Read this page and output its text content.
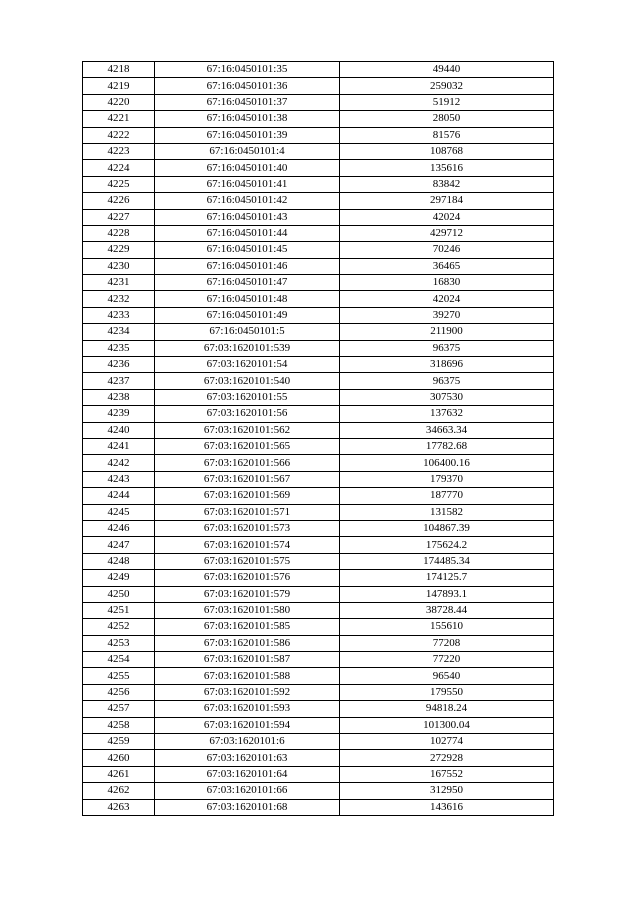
4218	67:16:0450101:35	49440
4219	67:16:0450101:36	259032
4220	67:16:0450101:37	51912
4221	67:16:0450101:38	28050
4222	67:16:0450101:39	81576
4223	67:16:0450101:4	108768
4224	67:16:0450101:40	135616
4225	67:16:0450101:41	83842
4226	67:16:0450101:42	297184
4227	67:16:0450101:43	42024
4228	67:16:0450101:44	429712
4229	67:16:0450101:45	70246
4230	67:16:0450101:46	36465
4231	67:16:0450101:47	16830
4232	67:16:0450101:48	42024
4233	67:16:0450101:49	39270
4234	67:16:0450101:5	211900
4235	67:03:1620101:539	96375
4236	67:03:1620101:54	318696
4237	67:03:1620101:540	96375
4238	67:03:1620101:55	307530
4239	67:03:1620101:56	137632
4240	67:03:1620101:562	34663.34
4241	67:03:1620101:565	17782.68
4242	67:03:1620101:566	106400.16
4243	67:03:1620101:567	179370
4244	67:03:1620101:569	187770
4245	67:03:1620101:571	131582
4246	67:03:1620101:573	104867.39
4247	67:03:1620101:574	175624.2
4248	67:03:1620101:575	174485.34
4249	67:03:1620101:576	174125.7
4250	67:03:1620101:579	147893.1
4251	67:03:1620101:580	38728.44
4252	67:03:1620101:585	155610
4253	67:03:1620101:586	77208
4254	67:03:1620101:587	77220
4255	67:03:1620101:588	96540
4256	67:03:1620101:592	179550
4257	67:03:1620101:593	94818.24
4258	67:03:1620101:594	101300.04
4259	67:03:1620101:6	102774
4260	67:03:1620101:63	272928
4261	67:03:1620101:64	167552
4262	67:03:1620101:66	312950
4263	67:03:1620101:68	143616
